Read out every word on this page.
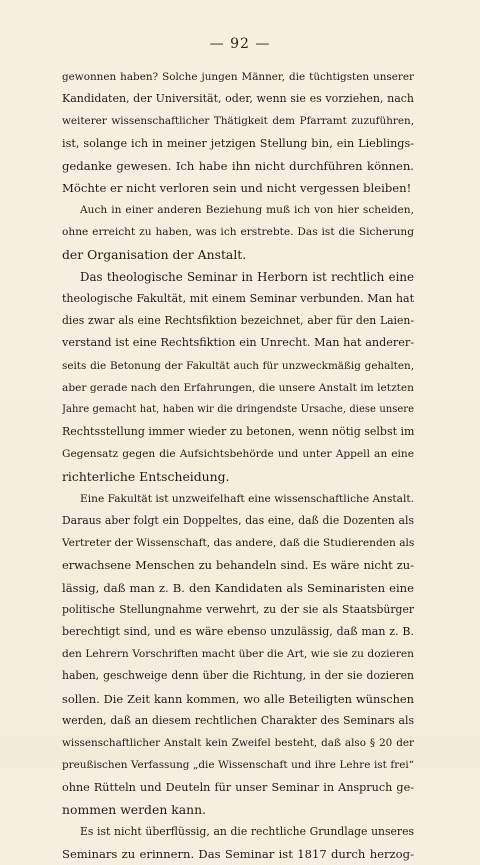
— 92 —
gewonnen haben? Solche jungen Männer, die tüchtigsten unserer
Kandidaten, der Universität, oder, wenn sie es vorziehen, nach
weiterer wissenschaftlicher Thätigkeit dem Pfarramt zuzuführen,
ist, solange ich in meiner jetzigen Stellung bin, ein Lieblings-
gedanke gewesen. Ich habe ihn nicht durchführen können.
Möchte er nicht verloren sein und nicht vergessen bleiben!
Auch in einer anderen Beziehung muß ich von hier scheiden,
ohne erreicht zu haben, was ich erstrebte. Das ist die Sicherung
der Organisation der Anstalt.
Das theologische Seminar in Herborn ist rechtlich eine
theologische Fakultät, mit einem Seminar verbunden. Man hat
dies zwar als eine Rechtsfiktion bezeichnet, aber für den Laien-
verstand ist eine Rechtsfiktion ein Unrecht. Man hat anderer-
seits die Betonung der Fakultät auch für unzweckmäßig gehalten,
aber gerade nach den Erfahrungen, die unsere Anstalt im letzten
Jahre gemacht hat, haben wir die dringendste Ursache, diese unsere
Rechtsstellung immer wieder zu betonen, wenn nötig selbst im
Gegensatz gegen die Aufsichtsbehörde und unter Appell an eine
richterliche Entscheidung.
Eine Fakultät ist unzweifelhaft eine wissenschaftliche Anstalt.
Daraus aber folgt ein Doppeltes, das eine, daß die Dozenten als
Vertreter der Wissenschaft, das andere, daß die Studierenden als
erwachsene Menschen zu behandeln sind. Es wäre nicht zu-
lässig, daß man z. B. den Kandidaten als Seminaristen eine
politische Stellungnahme verwehrt, zu der sie als Staatsbürger
berechtigt sind, und es wäre ebenso unzulässig, daß man z. B.
den Lehrern Vorschriften macht über die Art, wie sie zu dozieren
haben, geschweige denn über die Richtung, in der sie dozieren
sollen. Die Zeit kann kommen, wo alle Beteiligten wünschen
werden, daß an diesem rechtlichen Charakter des Seminars als
wissenschaftlicher Anstalt kein Zweifel besteht, daß also § 20 der
preußischen Verfassung „die Wissenschaft und ihre Lehre ist frei“
ohne Rütteln und Deuteln für unser Seminar in Anspruch ge-
nommen werden kann.
Es ist nicht überflüssig, an die rechtliche Grundlage unseres
Seminars zu erinnern. Das Seminar ist 1817 durch herzog-
